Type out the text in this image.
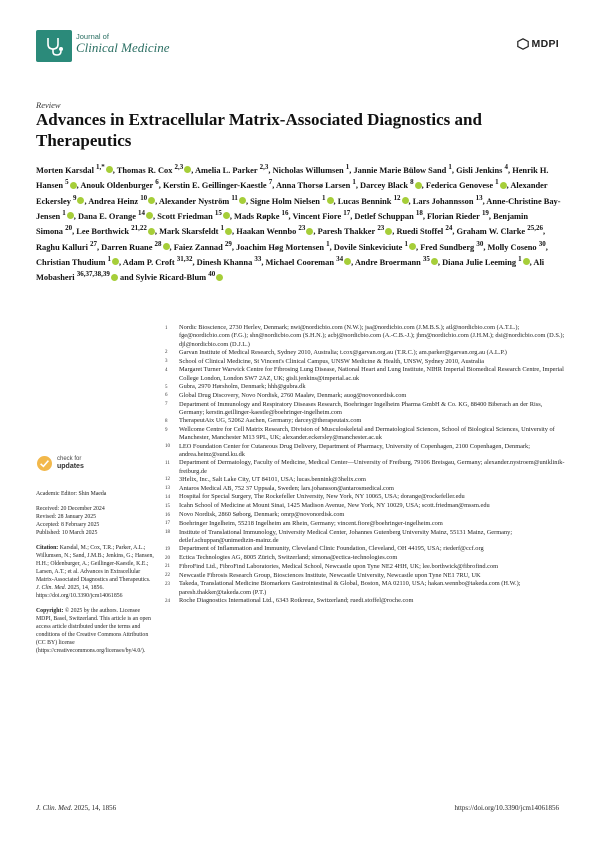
Journal of
Clinical Medicine	MDPI
Review
Advances in Extracellular Matrix-Associated Diagnostics and Therapeutics
Morten Karsdal $^{1,*}$ , Thomas R. Cox $^{2,3}$ , Amelia L. Parker $^{2,3}$, Nicholas Willumsen $^1$, Jannie Marie Bülow Sand $^1$, Gisli Jenkins $^4$, Henrik H. Hansen $^5$ , Anouk Oldenburger $^6$, Kerstin E. Geillinger-Kaestle $^7$, Anna Thorsø Larsen $^1$, Darcey Black $^8$ , Federica Genovese $^1$ , Alexander Eckersley $^9$ , Andrea Heinz $^{10}$ , Alexander Nyström $^{11}$ , Signe Holm Nielsen $^1$ , Lucas Bennink $^{12}$ , Lars Johannsson $^{13}$, Anne-Christine Bay-Jensen $^1$ , Dana E. Orange $^{14}$ , Scott Friedman $^{15}$ , Mads Røpke $^{16}$, Vincent Fiore $^{17}$, Detlef Schuppan $^{18}$, Florian Rieder $^{19}$, Benjamin Simona $^{20}$, Lee Borthwick $^{21,22}$ , Mark Skarsfeldt $^1$ , Haakan Wennbo $^{23}$ , Paresh Thakker $^{23}$ , Ruedi Stoffel $^{24}$, Graham W. Clarke $^{25,26}$, Raghu Kalluri $^{27}$, Darren Ruane $^{28}$ , Faiez Zannad $^{29}$, Joachim Høg Mortensen $^1$, Dovile Sinkeviciute $^1$ , Fred Sundberg $^{30}$, Molly Coseno $^{30}$, Christian Thudium $^1$ , Adam P. Croft $^{31,32}$, Dinesh Khanna $^{33}$, Michael Cooreman $^{34}$ , Andre Broermann $^{35}$ , Diana Julie Leeming $^1$ , Ali Mobasheri $^{36,37,38,39}$ and Sylvie Ricard-Blum $^{40}$
1	Nordic Bioscience, 2730 Herlev, Denmark; nwi@nordicbio.com (N.W.); jsa@nordicbio.com (J.M.B.S.); atl@nordicbio.com (A.T.L.); fge@nordicbio.com (F.G.); shn@nordicbio.com (S.H.N.); acbj@nordicbio.com (A.-C.B.-J.); jhm@nordicbio.com (J.H.M.); dsi@nordicbio.com (D.S.); djl@nordicbio.com (D.J.L.)
2	Garvan Institute of Medical Research, Sydney 2010, Australia; t.cox@garvan.org.au (T.R.C.); am.parker@garvan.org.au (A.L.P.)
3	School of Clinical Medicine, St Vincent's Clinical Campus, UNSW Medicine & Health, UNSW, Sydney 2010, Australia
4	Margaret Turner Warwick Centre for Fibrosing Lung Disease, National Heart and Lung Institute, NIHR Imperial Biomedical Research Centre, Imperial College London, London SW7 2AZ, UK; gisli.jenkins@imperial.ac.uk
5	Gubra, 2970 Hørsholm, Denmark; hhh@gubra.dk
6	Global Drug Discovery, Novo Nordisk, 2760 Maaløv, Denmark; auog@novonordisk.com
7	Department of Immunology and Respiratory Diseases Research, Boehringer Ingelheim Pharma GmbH & Co. KG, 88400 Biberach an der Riss, Germany; kerstin.geillinger-kaestle@boehringer-ingelheim.com
8	TherapeutAix UG, 52062 Aachen, Germany; darcey@therapeutaix.com
9	Wellcome Centre for Cell Matrix Research, Division of Musculoskeletal and Dermatological Sciences, School of Biological Sciences, University of Manchester, Manchester M13 9PL, UK; alexander.eckersley@manchester.ac.uk
10	LEO Foundation Center for Cutaneous Drug Delivery, Department of Pharmacy, University of Copenhagen, 2100 Copenhagen, Denmark; andrea.heinz@sund.ku.dk
11	Department of Dermatology, Faculty of Medicine, Medical Center—University of Freiburg, 79106 Breisgau, Germany; alexander.nystroem@uniklinik-freiburg.de
12	3Helix, Inc., Salt Lake City, UT 84101, USA; lucas.bennink@3helix.com
13	Antaros Medical AB, 752 37 Uppsala, Sweden; lars.johansson@antarosmedical.com
14	Hospital for Special Surgery, The Rockefeller University, New York, NY 10065, USA; dorange@rockefeller.edu
15	Icahn School of Medicine at Mount Sinai, 1425 Madison Avenue, New York, NY 10029, USA; scott.friedman@mssm.edu
16	Novo Nordisk, 2860 Søborg, Denmark; omrp@novonordisk.com
17	Boehringer Ingelheim, 55218 Ingelheim am Rhein, Germany; vincent.fiore@boehringer-ingelheim.com
18	Institute of Translational Immunology, University Medical Center, Johannes Gutenberg University Mainz, 55131 Mainz, Germany; detlef.schuppan@unimedizin-mainz.de
19	Department of Inflammation and Immunity, Cleveland Clinic Foundation, Cleveland, OH 44195, USA; riederf@ccf.org
20	Ectica Technologies AG, 8005 Zürich, Switzerland; simona@ectica-technologies.com
21	FibroFind Ltd., FibroFind Laboratories, Medical School, Newcastle upon Tyne NE2 4HH, UK; lee.borthwick@fibrofind.com
22	Newcastle Fibrosis Research Group, Biosciences Institute, Newcastle University, Newcastle upon Tyne NE1 7RU, UK
23	Takeda, Translational Medicine Biomarkers Gastrointestinal & Global, Boston, MA 02110, USA; hakan.wennbo@takeda.com (H.W.); paresh.thakker@takeda.com (P.T.)
24	Roche Diagnostics International Ltd., 6343 Rotkreuz, Switzerland; ruedi.stoffel@roche.com
check for
updates
Academic Editor: Shin Maeda
Received: 20 December 2024
Revised: 28 January 2025
Accepted: 8 February 2025
Published: 10 March 2025
Citation: Karsdal, M.; Cox, T.R.; Parker, A.L.; Willumsen, N.; Sand, J.M.B.; Jenkins, G.; Hansen, H.H.; Oldenburger, A.; Geillinger-Kaestle, K.E.; Larsen, A.T.; et al. Advances in Extracellular Matrix-Associated Diagnostics and Therapeutics. J. Clin. Med. 2025, 14, 1856. https://doi.org/10.3390/jcm14061856
Copyright: © 2025 by the authors. Licensee MDPI, Basel, Switzerland. This article is an open access article distributed under the terms and conditions of the Creative Commons Attribution (CC BY) license (https://creativecommons.org/licenses/by/4.0/).
J. Clin. Med. 2025, 14, 1856	https://doi.org/10.3390/jcm14061856
